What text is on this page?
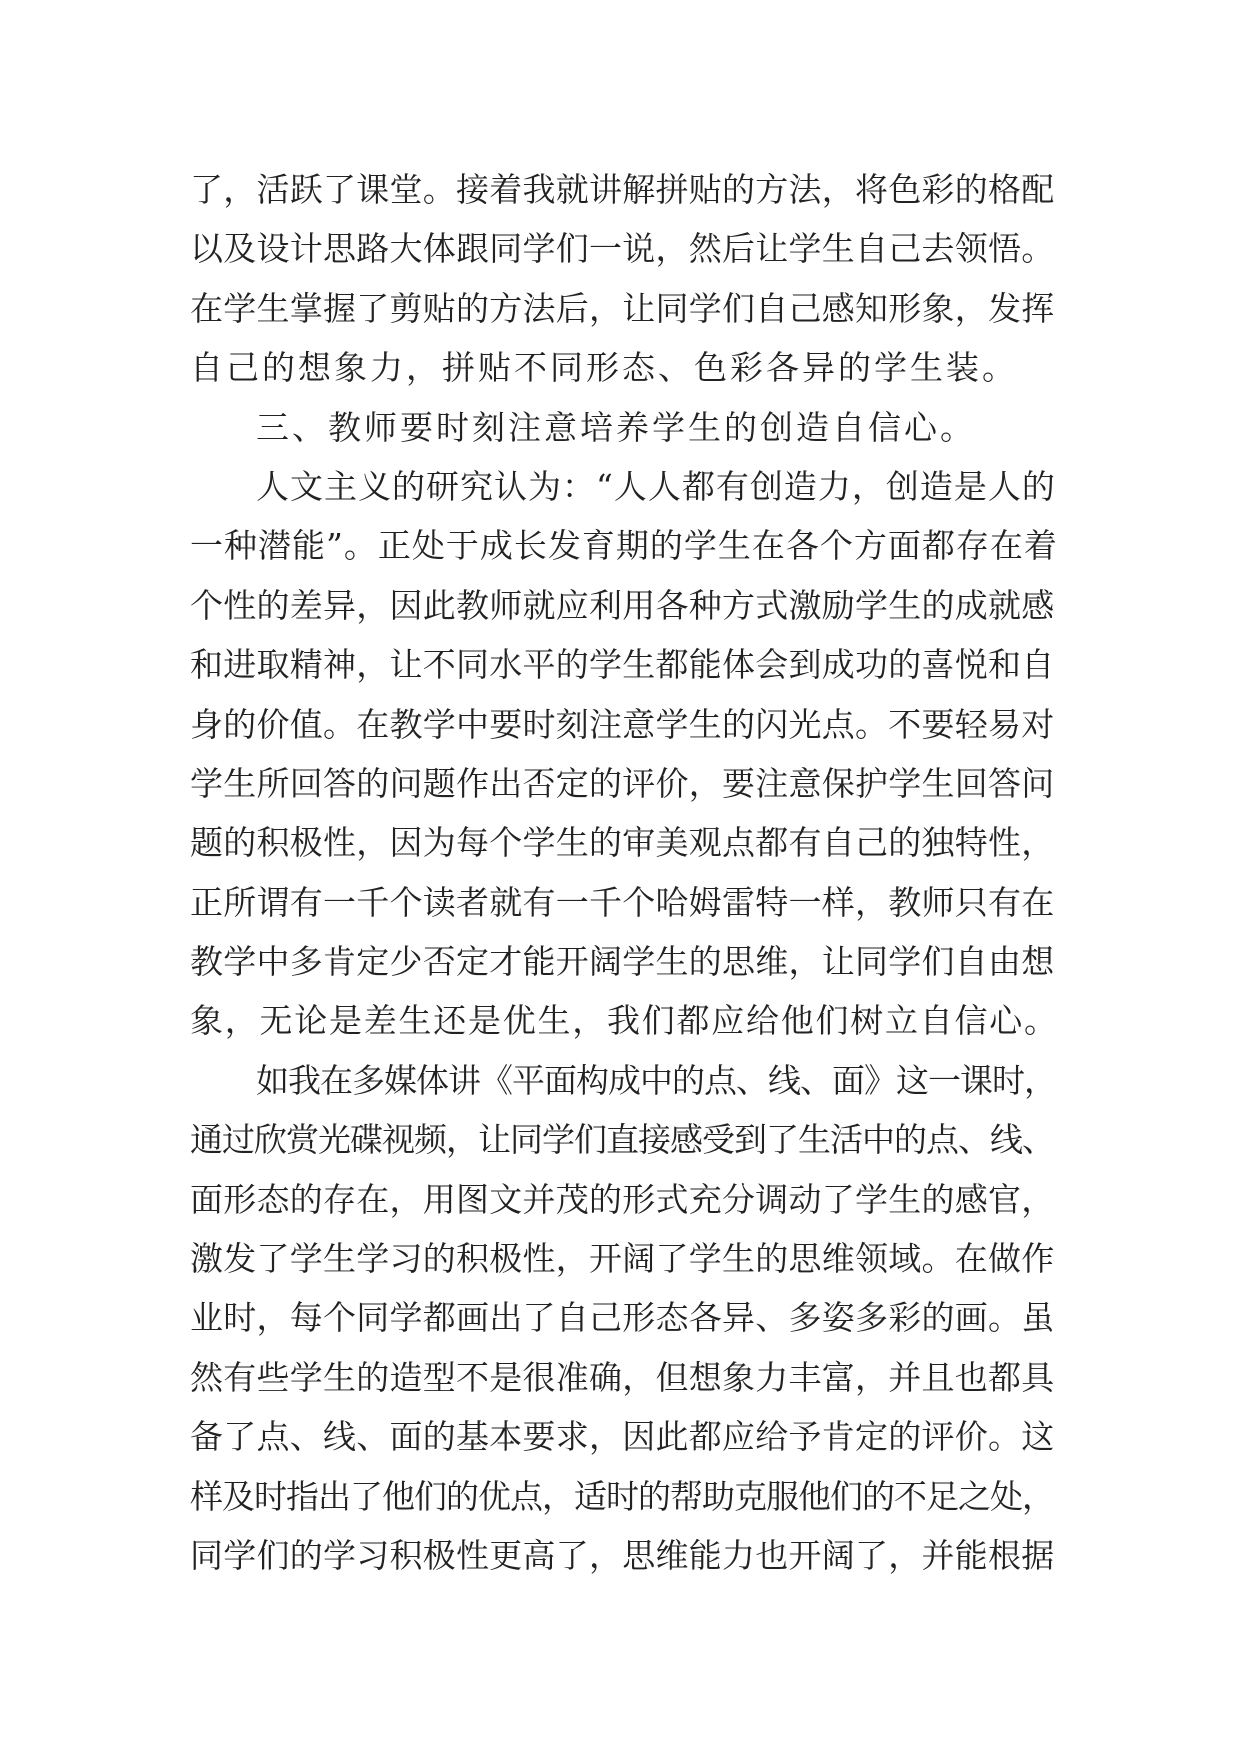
了，活跃了课堂。接着我就讲解拼贴的方法，将色彩的格配
以及设计思路大体跟同学们一说，然后让学生自己去领悟。
在学生掌握了剪贴的方法后，让同学们自己感知形象，发挥
自己的想象力，拼贴不同形态、色彩各异的学生装。
三、教师要时刻注意培养学生的创造自信心。
人文主义的研究认为：“人人都有创造力，创造是人的
一种潜能”。正处于成长发育期的学生在各个方面都存在着
个性的差异，因此教师就应利用各种方式激励学生的成就感
和进取精神，让不同水平的学生都能体会到成功的喜悦和自
身的价值。在教学中要时刻注意学生的闪光点。不要轻易对
学生所回答的问题作出否定的评价，要注意保护学生回答问
题的积极性，因为每个学生的审美观点都有自己的独特性，
正所谓有一千个读者就有一千个哈姆雷特一样，教师只有在
教学中多肯定少否定才能开阔学生的思维，让同学们自由想
象，无论是差生还是优生，我们都应给他们树立自信心。
如我在多媒体讲《平面构成中的点、线、面》这一课时，
通过欣赏光碟视频，让同学们直接感受到了生活中的点、线、
面形态的存在，用图文并茂的形式充分调动了学生的感官，
激发了学生学习的积极性，开阔了学生的思维领域。在做作
业时，每个同学都画出了自己形态各异、多姿多彩的画。虽
然有些学生的造型不是很准确，但想象力丰富，并且也都具
备了点、线、面的基本要求，因此都应给予肯定的评价。这
样及时指出了他们的优点，适时的帮助克服他们的不足之处，
同学们的学习积极性更高了，思维能力也开阔了，并能根据
